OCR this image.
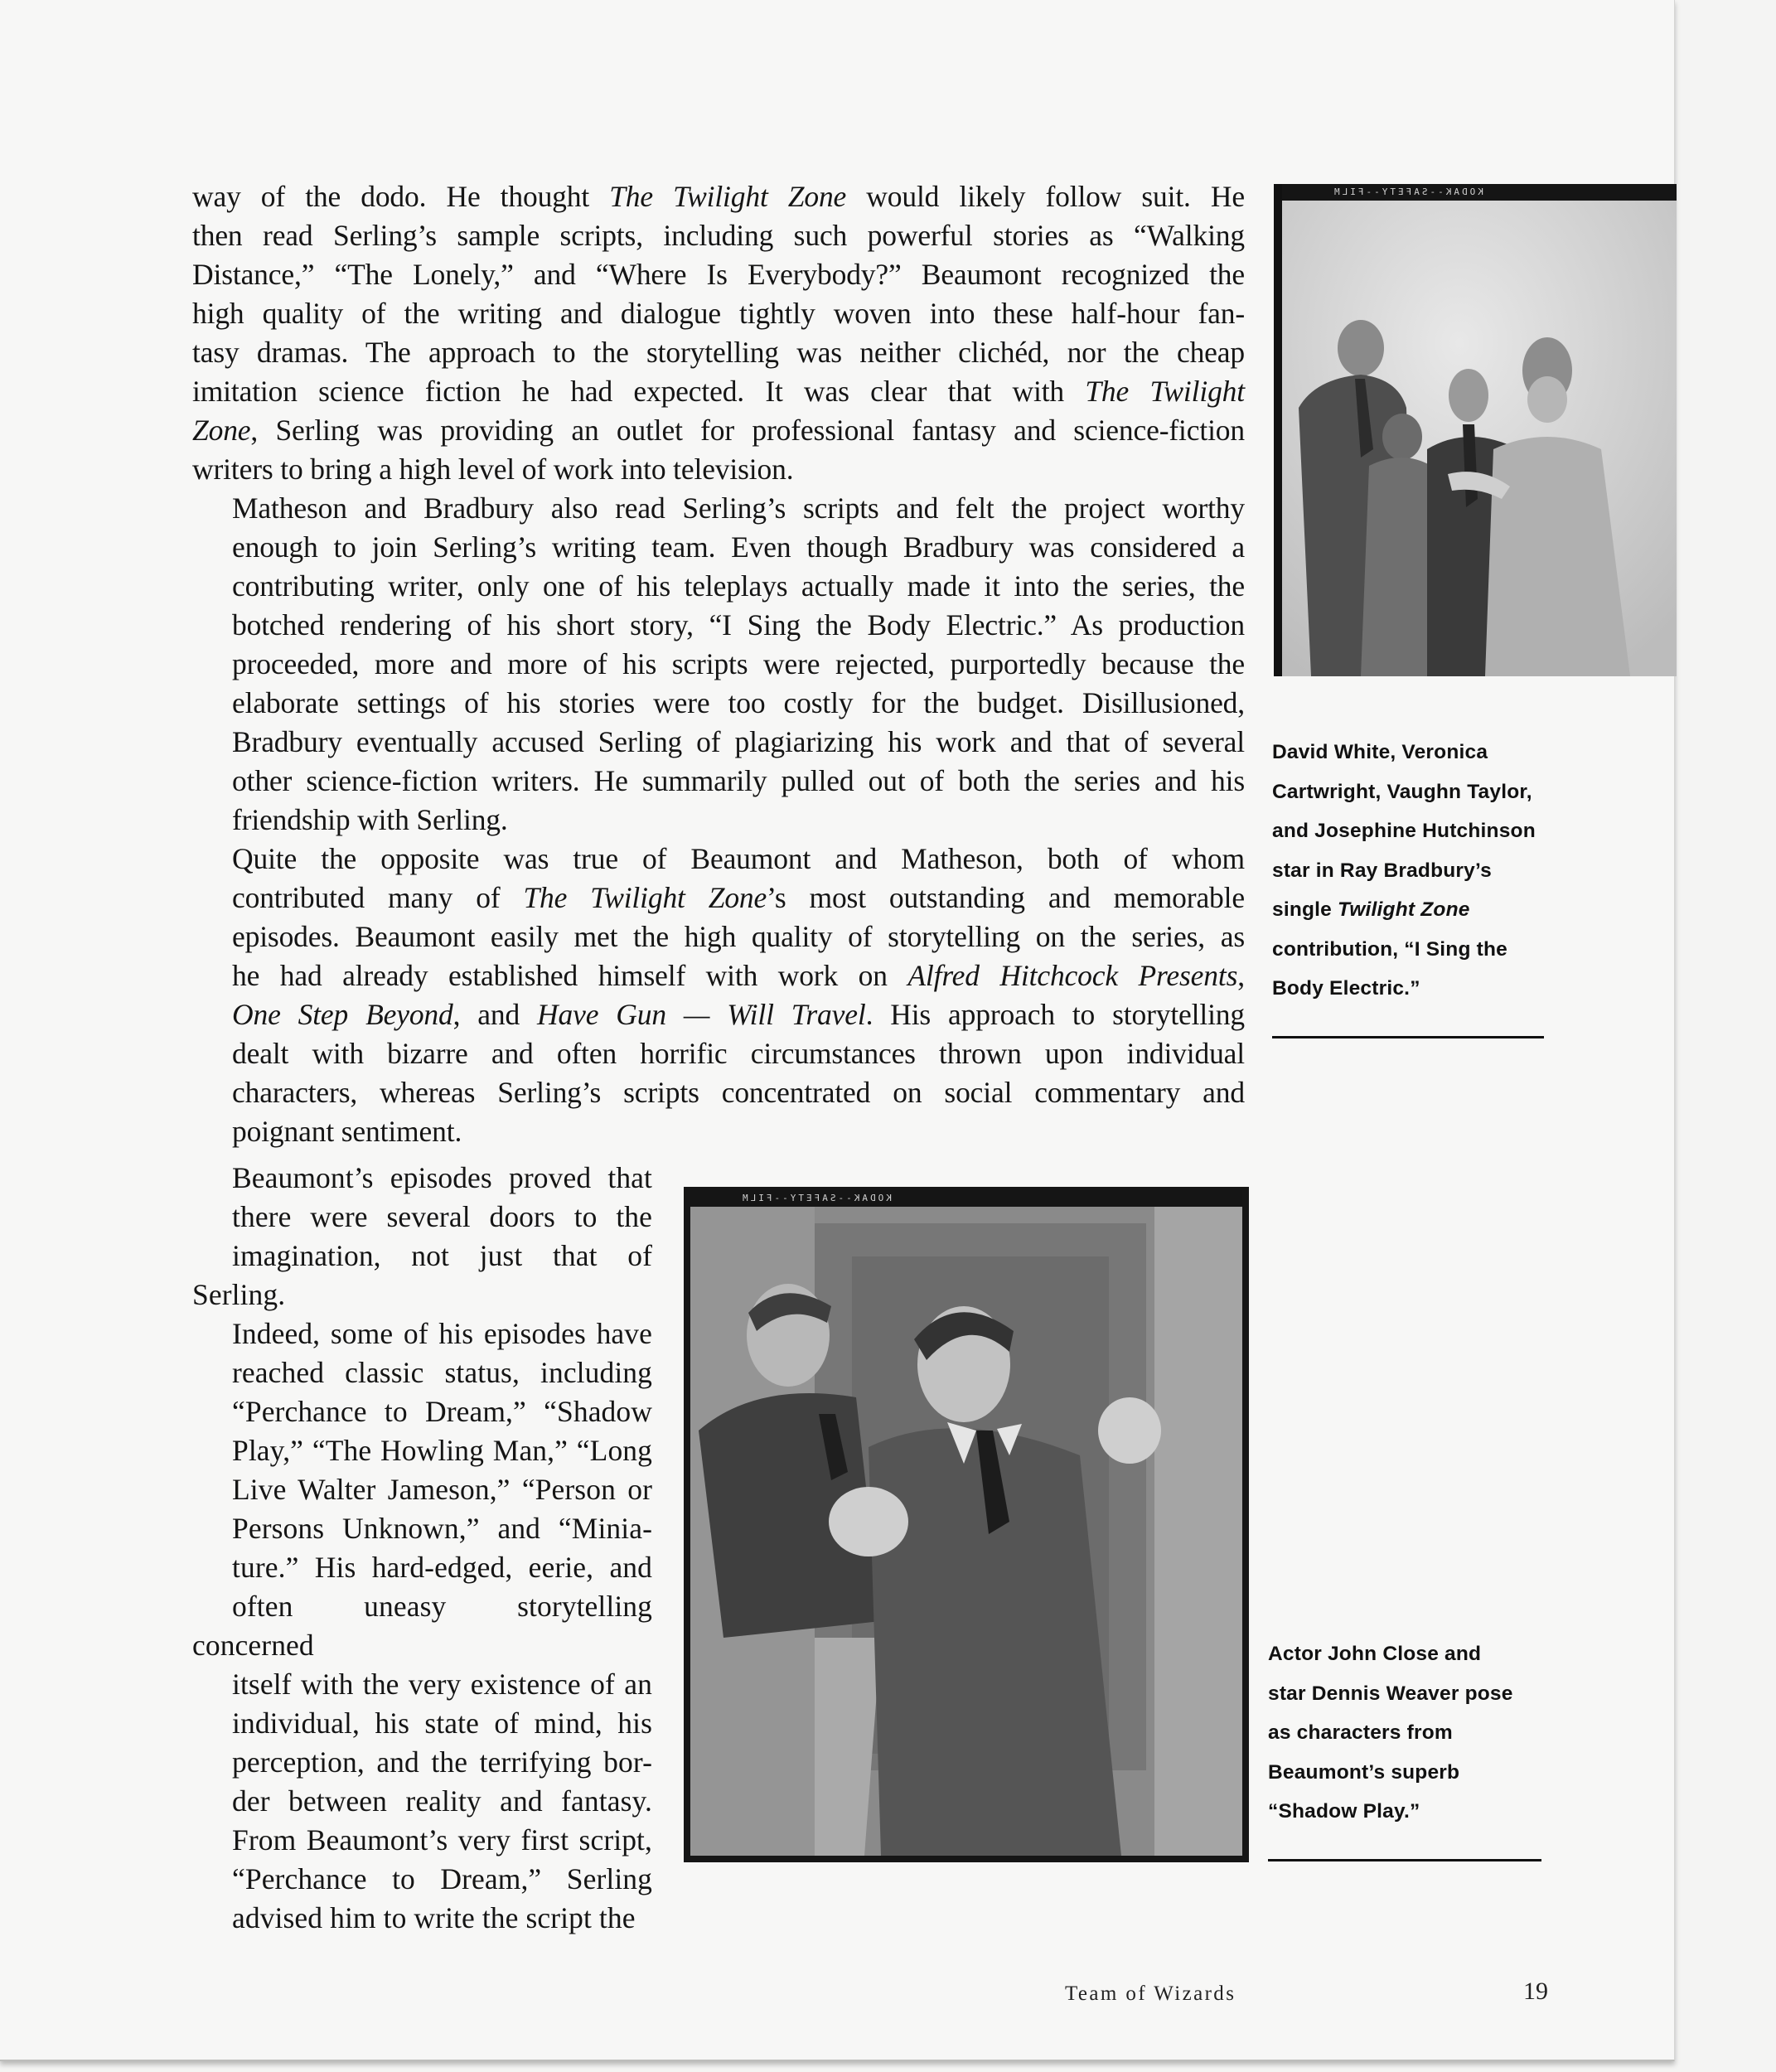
way of the dodo. He thought The Twilight Zone would likely follow suit. He
then read Serling’s sample scripts, including such powerful stories as “Walking
Distance,” “The Lonely,” and “Where Is Everybody?” Beaumont recognized the
high quality of the writing and dialogue tightly woven into these half-hour fan-
tasy dramas. The approach to the storytelling was neither clichéd, nor the cheap
imitation science fiction he had expected. It was clear that with The Twilight
Zone, Serling was providing an outlet for professional fantasy and science-fiction
writers to bring a high level of work into television.

Matheson and Bradbury also read Serling’s scripts and felt the project worthy
enough to join Serling’s writing team. Even though Bradbury was considered a
contributing writer, only one of his teleplays actually made it into the series, the
botched rendering of his short story, “I Sing the Body Electric.” As production
proceeded, more and more of his scripts were rejected, purportedly because the
elaborate settings of his stories were too costly for the budget. Disillusioned,
Bradbury eventually accused Serling of plagiarizing his work and that of several
other science-fiction writers. He summarily pulled out of both the series and his
friendship with Serling.

Quite the opposite was true of Beaumont and Matheson, both of whom
contributed many of The Twilight Zone’s most outstanding and memorable
episodes. Beaumont easily met the high quality of storytelling on the series, as
he had already established himself with work on Alfred Hitchcock Presents,
One Step Beyond, and Have Gun — Will Travel. His approach to storytelling
dealt with bizarre and often horrific circumstances thrown upon individual
characters, whereas Serling’s scripts concentrated on social commentary and
poignant sentiment.

Beaumont’s episodes proved that
there were several doors to the
imagination, not just that of Serling.
Indeed, some of his episodes have
reached classic status, including
“Perchance to Dream,” “Shadow
Play,” “The Howling Man,” “Long
Live Walter Jameson,” “Person or
Persons Unknown,” and “Minia-
ture.” His hard-edged, eerie, and
often uneasy storytelling concerned
itself with the very existence of an
individual, his state of mind, his
perception, and the terrifying bor-
der between reality and fantasy.
From Beaumont’s very first script,
“Perchance to Dream,” Serling
advised him to write the script the

KODAK--SAFETY--FILM

David White, Veronica
Cartwright, Vaughn Taylor,
and Josephine Hutchinson
star in Ray Bradbury’s
single Twilight Zone
contribution, “I Sing the
Body Electric.”

KODAK--SAFETY--FILM

Actor John Close and
star Dennis Weaver pose
as characters from
Beaumont’s superb
“Shadow Play.”

Team of Wizards	19
